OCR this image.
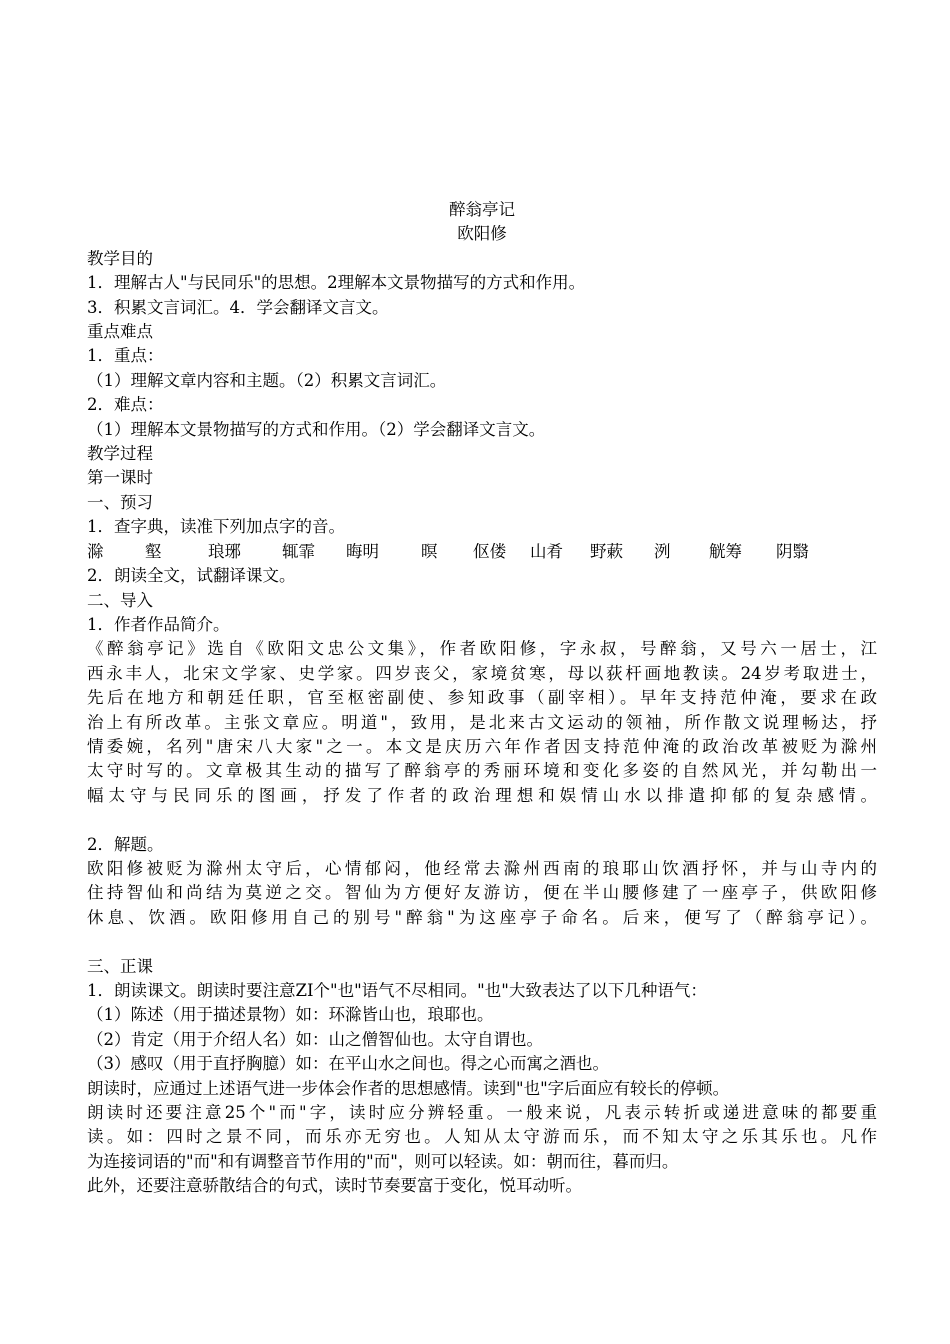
醉翁亭记
欧阳修
教学目的
1．理解古人"与民同乐"的思想。2理解本文景物描写的方式和作用。
3．积累文言词汇。4．学会翻译文言文。
重点难点
1．重点：
（1）理解文章内容和主题。（2）积累文言词汇。
2．难点：
（1）理解本文景物描写的方式和作用。（2）学会翻译文言文。
教学过程
第一课时
一、预习
1．查字典，读准下列加点字的音。
滁	壑	琅琊	辄霏	晦明	暝	伛偻	山肴	野蔌	洌	觥筹	阴翳
2．朗读全文，试翻译课文。
二、导入
1．作者作品简介。
《醉翁亭记》选自《欧阳文忠公文集》，作者欧阳修，字永叔，号醉翁，又号六一居士，江
西永丰人，北宋文学家、史学家。四岁丧父，家境贫寒，母以荻杆画地教读。24岁考取进士，
先后在地方和朝廷任职，官至枢密副使、参知政事（副宰相）。早年支持范仲淹，要求在政
治上有所改革。主张文章应。明道"，致用，是北来古文运动的领袖，所作散文说理畅达，抒
情委婉，名列"唐宋八大家"之一。本文是庆历六年作者因支持范仲淹的政治改革被贬为滁州
太守时写的。文章极其生动的描写了醉翁亭的秀丽环境和变化多姿的自然风光，并勾勒出一
幅太守与民同乐的图画，抒发了作者的政治理想和娱情山水以排遣抑郁的复杂感情。
2．解题。
欧阳修被贬为滁州太守后，心情郁闷，他经常去滁州西南的琅耶山饮酒抒怀，并与山寺内的
住持智仙和尚结为莫逆之交。智仙为方便好友游访，便在半山腰修建了一座亭子，供欧阳修
休息、饮酒。欧阳修用自己的别号"醉翁"为这座亭子命名。后来，便写了（醉翁亭记）。
三、正课
1．朗读课文。朗读时要注意ZI个"也"语气不尽相同。"也"大致表达了以下几种语气：
（1）陈述（用于描述景物）如：环滁皆山也，琅耶也。
（2）肯定（用于介绍人名）如：山之僧智仙也。太守自谓也。
（3）感叹（用于直抒胸臆）如：在平山水之间也。得之心而寓之酒也。
朗读时，应通过上述语气进一步体会作者的思想感情。读到"也"字后面应有较长的停顿。
朗读时还要注意25个"而"字，读时应分辨轻重。一般来说，凡表示转折或递进意味的都要重
读。如：四时之景不同，而乐亦无穷也。人知从太守游而乐，而不知太守之乐其乐也。凡作
为连接词语的"而"和有调整音节作用的"而"，则可以轻读。如：朝而往，暮而归。
此外，还要注意骄散结合的句式，读时节奏要富于变化，悦耳动听。
